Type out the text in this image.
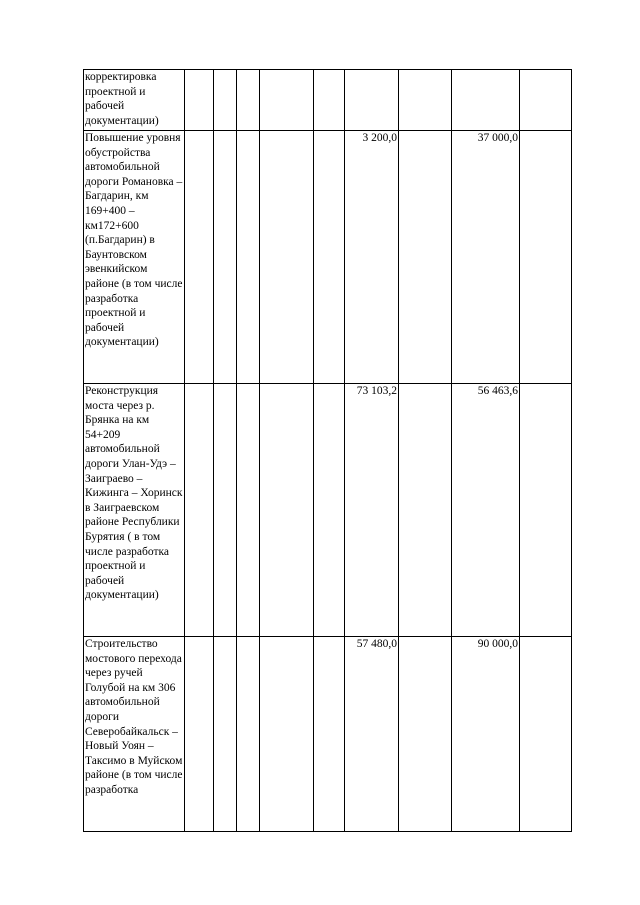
корректировка проектной и рабочей документации)									
Повышение уровня обустройства автомобильной дороги Романовка – Багдарин, км 169+400 – км172+600 (п.Багдарин) в Баунтовском эвенкийском районе (в том числе разработка проектной и рабочей документации)						3 200,0		37 000,0	
Реконструкция моста через р. Брянка на км 54+209 автомобильной дороги Улан-Удэ – Заиграево – Кижинга – Хоринск в Заиграевском районе Республики Бурятия ( в том числе разработка проектной и рабочей документации)						73 103,2		56 463,6	
Строительство мостового перехода через ручей Голубой на км 306 автомобильной дороги Северобайкальск – Новый Уоян – Таксимо в Муйском районе (в том числе разработка						57 480,0		90 000,0	
